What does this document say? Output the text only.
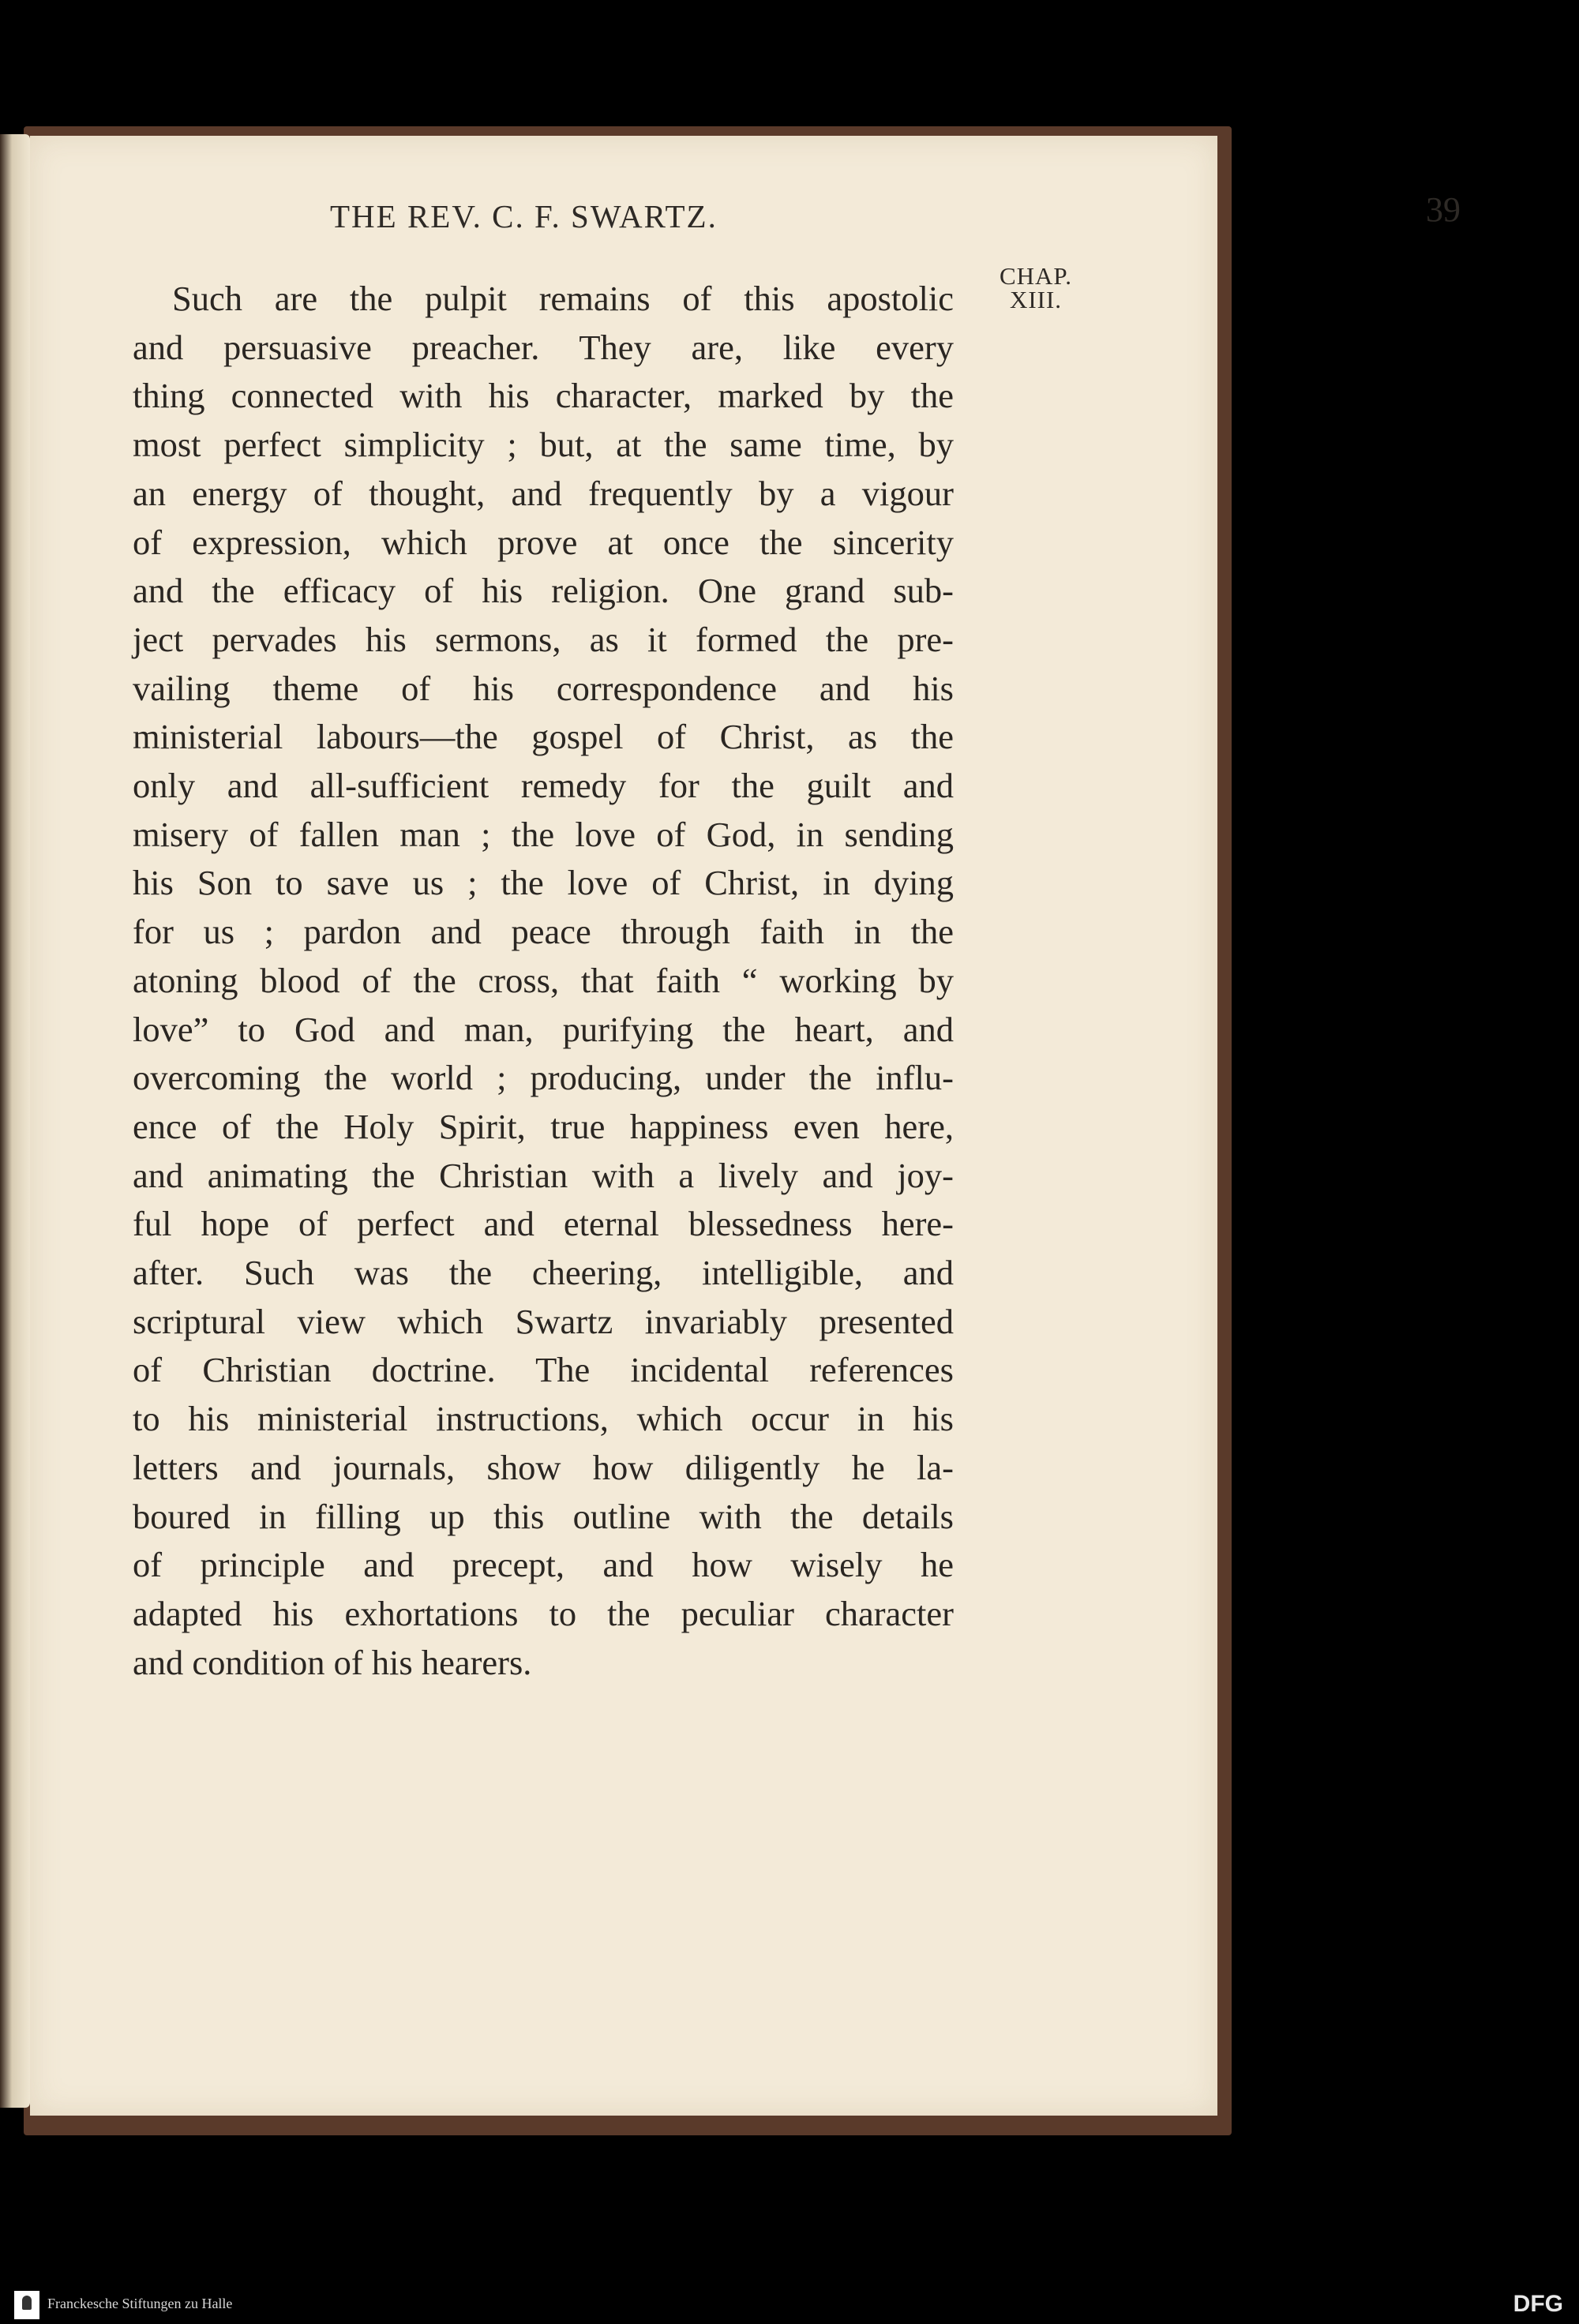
THE REV. C. F. SWARTZ.	39
CHAP.
XIII.
Such are the pulpit remains of this apostolic
and persuasive preacher. They are, like every
thing connected with his character, marked by the
most perfect simplicity ; but, at the same time, by
an energy of thought, and frequently by a vigour
of expression, which prove at once the sincerity
and the efficacy of his religion. One grand sub-
ject pervades his sermons, as it formed the pre-
vailing theme of his correspondence and his
ministerial labours—the gospel of Christ, as the
only and all-sufficient remedy for the guilt and
misery of fallen man ; the love of God, in sending
his Son to save us ; the love of Christ, in dying
for us ; pardon and peace through faith in the
atoning blood of the cross, that faith “ working by
love” to God and man, purifying the heart, and
overcoming the world ; producing, under the influ-
ence of the Holy Spirit, true happiness even here,
and animating the Christian with a lively and joy-
ful hope of perfect and eternal blessedness here-
after. Such was the cheering, intelligible, and
scriptural view which Swartz invariably presented
of Christian doctrine. The incidental references
to his ministerial instructions, which occur in his
letters and journals, show how diligently he la-
boured in filling up this outline with the details
of principle and precept, and how wisely he
adapted his exhortations to the peculiar character
and condition of his hearers.
Franckesche Stiftungen zu Halle	DFG
